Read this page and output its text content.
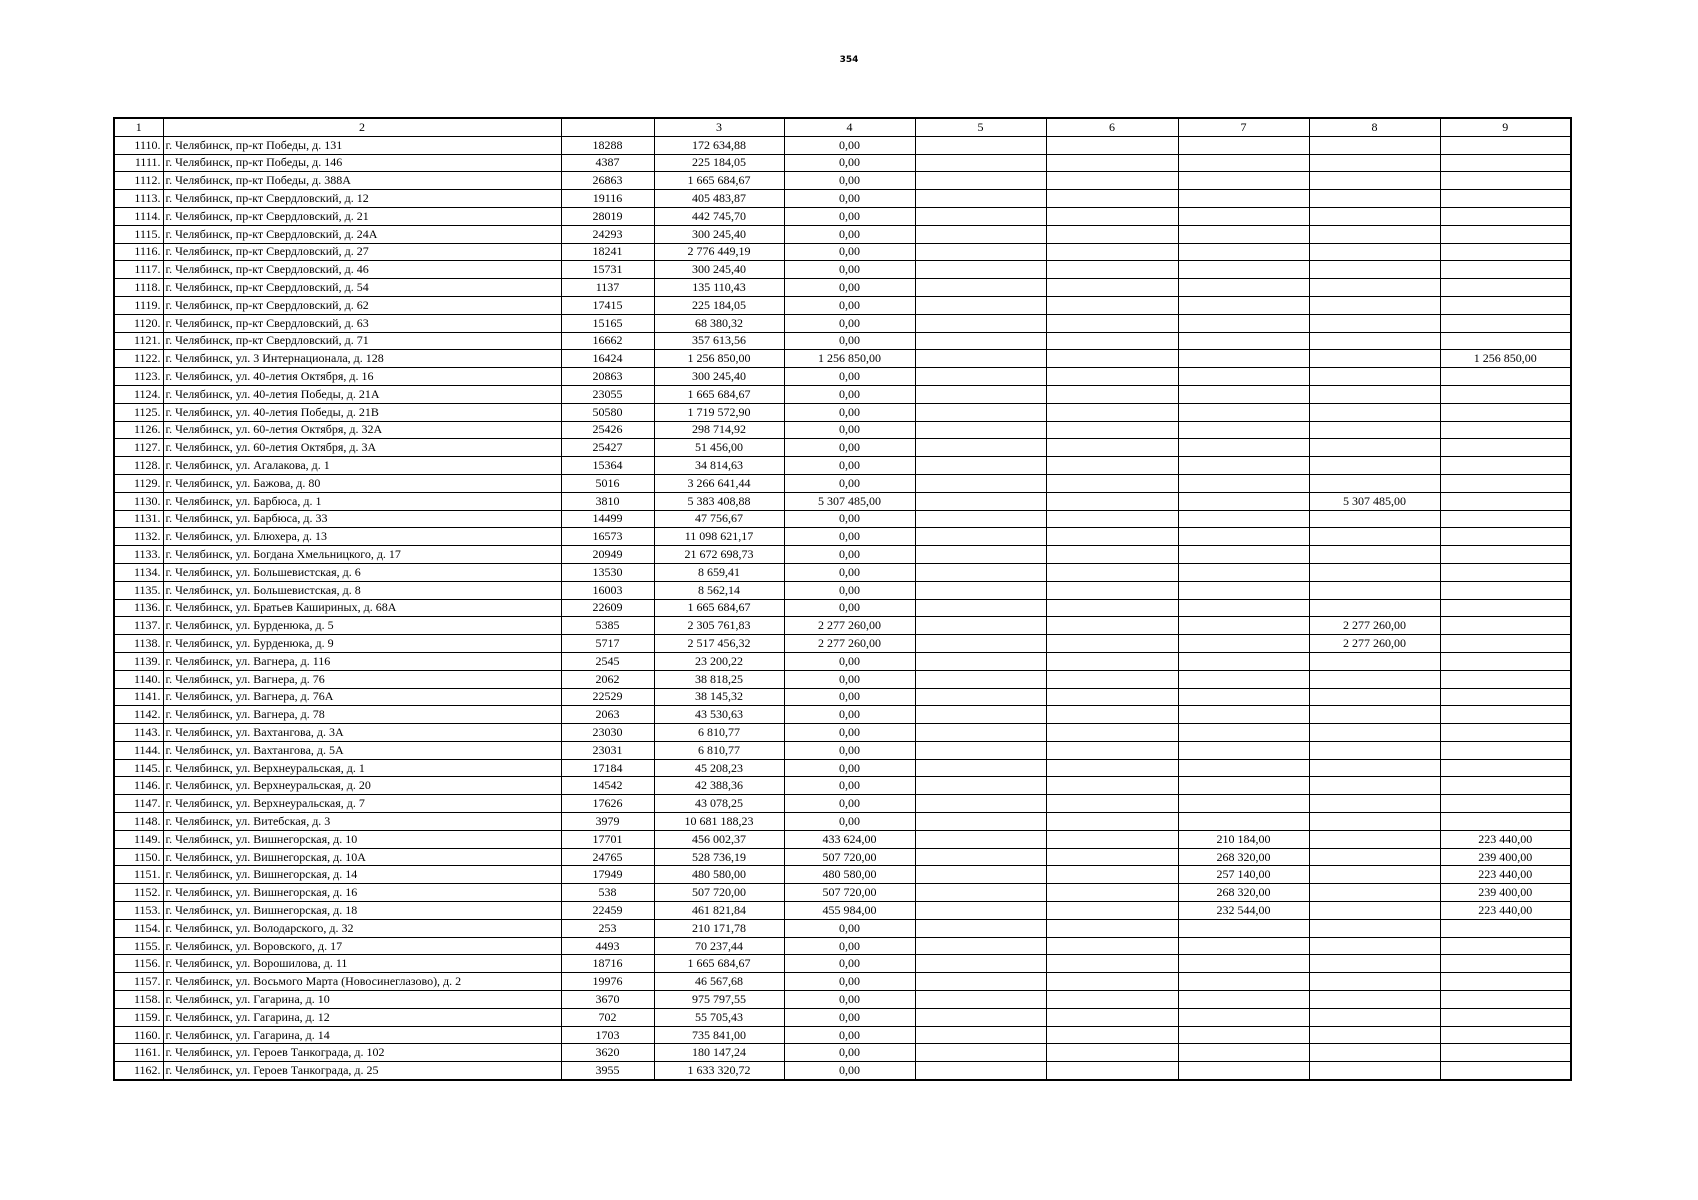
354
1	2		3	4	5	6	7	8	9
1110.	г. Челябинск, пр-кт Победы, д. 131	18288	172 634,88	0,00					
1111.	г. Челябинск, пр-кт Победы, д. 146	4387	225 184,05	0,00					
1112.	г. Челябинск, пр-кт Победы, д. 388А	26863	1 665 684,67	0,00					
1113.	г. Челябинск, пр-кт Свердловский, д. 12	19116	405 483,87	0,00					
1114.	г. Челябинск, пр-кт Свердловский, д. 21	28019	442 745,70	0,00					
1115.	г. Челябинск, пр-кт Свердловский, д. 24А	24293	300 245,40	0,00					
1116.	г. Челябинск, пр-кт Свердловский, д. 27	18241	2 776 449,19	0,00					
1117.	г. Челябинск, пр-кт Свердловский, д. 46	15731	300 245,40	0,00					
1118.	г. Челябинск, пр-кт Свердловский, д. 54	1137	135 110,43	0,00					
1119.	г. Челябинск, пр-кт Свердловский, д. 62	17415	225 184,05	0,00					
1120.	г. Челябинск, пр-кт Свердловский, д. 63	15165	68 380,32	0,00					
1121.	г. Челябинск, пр-кт Свердловский, д. 71	16662	357 613,56	0,00					
1122.	г. Челябинск, ул. 3 Интернационала, д. 128	16424	1 256 850,00	1 256 850,00					1 256 850,00
1123.	г. Челябинск, ул. 40-летия Октября, д. 16	20863	300 245,40	0,00					
1124.	г. Челябинск, ул. 40-летия Победы, д. 21А	23055	1 665 684,67	0,00					
1125.	г. Челябинск, ул. 40-летия Победы, д. 21В	50580	1 719 572,90	0,00					
1126.	г. Челябинск, ул. 60-летия Октября, д. 32А	25426	298 714,92	0,00					
1127.	г. Челябинск, ул. 60-летия Октября, д. 3А	25427	51 456,00	0,00					
1128.	г. Челябинск, ул. Агалакова, д. 1	15364	34 814,63	0,00					
1129.	г. Челябинск, ул. Бажова, д. 80	5016	3 266 641,44	0,00					
1130.	г. Челябинск, ул. Барбюса, д. 1	3810	5 383 408,88	5 307 485,00				5 307 485,00	
1131.	г. Челябинск, ул. Барбюса, д. 33	14499	47 756,67	0,00					
1132.	г. Челябинск, ул. Блюхера, д. 13	16573	11 098 621,17	0,00					
1133.	г. Челябинск, ул. Богдана Хмельницкого, д. 17	20949	21 672 698,73	0,00					
1134.	г. Челябинск, ул. Большевистская, д. 6	13530	8 659,41	0,00					
1135.	г. Челябинск, ул. Большевистская, д. 8	16003	8 562,14	0,00					
1136.	г. Челябинск, ул. Братьев Кашириных, д. 68А	22609	1 665 684,67	0,00					
1137.	г. Челябинск, ул. Бурденюка, д. 5	5385	2 305 761,83	2 277 260,00				2 277 260,00	
1138.	г. Челябинск, ул. Бурденюка, д. 9	5717	2 517 456,32	2 277 260,00				2 277 260,00	
1139.	г. Челябинск, ул. Вагнера, д. 116	2545	23 200,22	0,00					
1140.	г. Челябинск, ул. Вагнера, д. 76	2062	38 818,25	0,00					
1141.	г. Челябинск, ул. Вагнера, д. 76А	22529	38 145,32	0,00					
1142.	г. Челябинск, ул. Вагнера, д. 78	2063	43 530,63	0,00					
1143.	г. Челябинск, ул. Вахтангова, д. 3А	23030	6 810,77	0,00					
1144.	г. Челябинск, ул. Вахтангова, д. 5А	23031	6 810,77	0,00					
1145.	г. Челябинск, ул. Верхнеуральская, д. 1	17184	45 208,23	0,00					
1146.	г. Челябинск, ул. Верхнеуральская, д. 20	14542	42 388,36	0,00					
1147.	г. Челябинск, ул. Верхнеуральская, д. 7	17626	43 078,25	0,00					
1148.	г. Челябинск, ул. Витебская, д. 3	3979	10 681 188,23	0,00					
1149.	г. Челябинск, ул. Вишнегорская, д. 10	17701	456 002,37	433 624,00			210 184,00		223 440,00
1150.	г. Челябинск, ул. Вишнегорская, д. 10А	24765	528 736,19	507 720,00			268 320,00		239 400,00
1151.	г. Челябинск, ул. Вишнегорская, д. 14	17949	480 580,00	480 580,00			257 140,00		223 440,00
1152.	г. Челябинск, ул. Вишнегорская, д. 16	538	507 720,00	507 720,00			268 320,00		239 400,00
1153.	г. Челябинск, ул. Вишнегорская, д. 18	22459	461 821,84	455 984,00			232 544,00		223 440,00
1154.	г. Челябинск, ул. Володарского, д. 32	253	210 171,78	0,00					
1155.	г. Челябинск, ул. Воровского, д. 17	4493	70 237,44	0,00					
1156.	г. Челябинск, ул. Ворошилова, д. 11	18716	1 665 684,67	0,00					
1157.	г. Челябинск, ул. Восьмого Марта (Новосинеглазово), д. 2	19976	46 567,68	0,00					
1158.	г. Челябинск, ул. Гагарина, д. 10	3670	975 797,55	0,00					
1159.	г. Челябинск, ул. Гагарина, д. 12	702	55 705,43	0,00					
1160.	г. Челябинск, ул. Гагарина, д. 14	1703	735 841,00	0,00					
1161.	г. Челябинск, ул. Героев Танкограда, д. 102	3620	180 147,24	0,00					
1162.	г. Челябинск, ул. Героев Танкограда, д. 25	3955	1 633 320,72	0,00					
